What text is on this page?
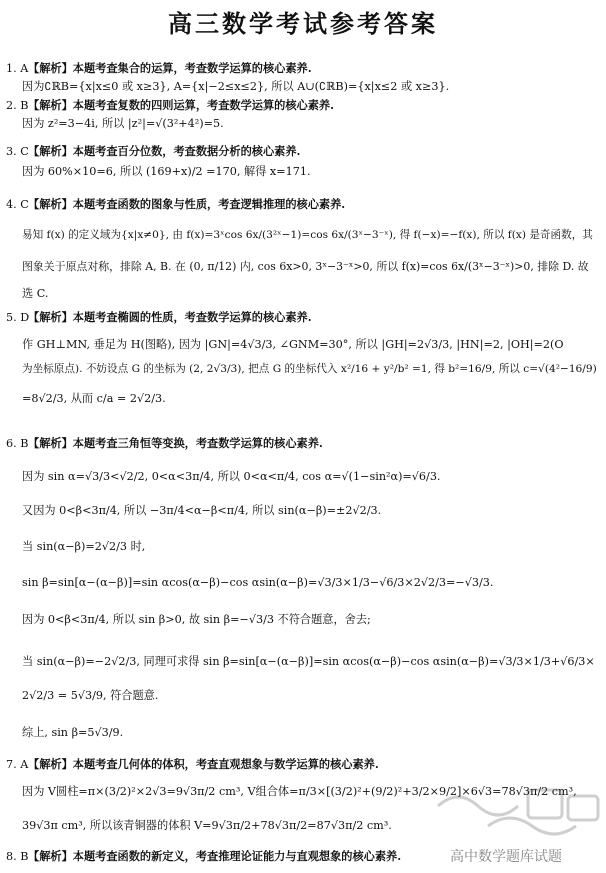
高三数学考试参考答案
1. A【解析】本题考查集合的运算，考查数学运算的核心素养.
因为∁ℝB={x|x≤0 或 x≥3}, A={x|−2≤x≤2}, 所以 A∪(∁ℝB)={x|x≤2 或 x≥3}.
2. B【解析】本题考查复数的四则运算，考查数学运算的核心素养.
因为 z²=3−4i, 所以 |z²|=√(3²+4²)=5.
3. C【解析】本题考查百分位数，考查数据分析的核心素养.
因为 60%×10=6, 所以 (169+x)/2 =170, 解得 x=171.
4. C【解析】本题考查函数的图象与性质，考查逻辑推理的核心素养.
易知 f(x) 的定义域为{x|x≠0}, 由 f(x)=3ˣcos 6x/(3²ˣ−1)=cos 6x/(3ˣ−3⁻ˣ), 得 f(−x)=−f(x), 所以 f(x) 是奇函数，其
图象关于原点对称，排除 A, B. 在 (0, π/12) 内, cos 6x>0, 3ˣ−3⁻ˣ>0, 所以 f(x)=cos 6x/(3ˣ−3⁻ˣ)>0, 排除 D. 故
选 C.
5. D【解析】本题考查椭圆的性质，考查数学运算的核心素养.
作 GH⊥MN, 垂足为 H(图略), 因为 |GN|=4√3/3, ∠GNM=30°, 所以 |GH|=2√3/3, |HN|=2, |OH|=2(O
为坐标原点). 不妨设点 G 的坐标为 (2, 2√3/3), 把点 G 的坐标代入 x²/16 + y²/b² =1, 得 b²=16/9, 所以 c=√(4²−16/9)
=8√2/3, 从而 c/a = 2√2/3.
6. B【解析】本题考查三角恒等变换，考查数学运算的核心素养.
因为 sin α=√3/3<√2/2, 0<α<3π/4, 所以 0<α<π/4, cos α=√(1−sin²α)=√6/3.
又因为 0<β<3π/4, 所以 −3π/4<α−β<π/4, 所以 sin(α−β)=±2√2/3.
当 sin(α−β)=2√2/3 时,
sin β=sin[α−(α−β)]=sin αcos(α−β)−cos αsin(α−β)=√3/3×1/3−√6/3×2√2/3=−√3/3.
因为 0<β<3π/4, 所以 sin β>0, 故 sin β=−√3/3 不符合题意，舍去;
当 sin(α−β)=−2√2/3, 同理可求得 sin β=sin[α−(α−β)]=sin αcos(α−β)−cos αsin(α−β)=√3/3×1/3+√6/3×
2√2/3 = 5√3/9, 符合题意.
综上, sin β=5√3/9.
7. A【解析】本题考查几何体的体积，考查直观想象与数学运算的核心素养.
因为 V圆柱=π×(3/2)²×2√3=9√3π/2 cm³, V组合体=π/3×[(3/2)²+(9/2)²+3/2×9/2]×6√3=78√3π/2 cm³,
39√3π cm³, 所以该青铜器的体积 V=9√3π/2+78√3π/2=87√3π/2 cm³.
8. B【解析】本题考查函数的新定义，考查推理论证能力与直观想象的核心素养.	高中数学题库试题
